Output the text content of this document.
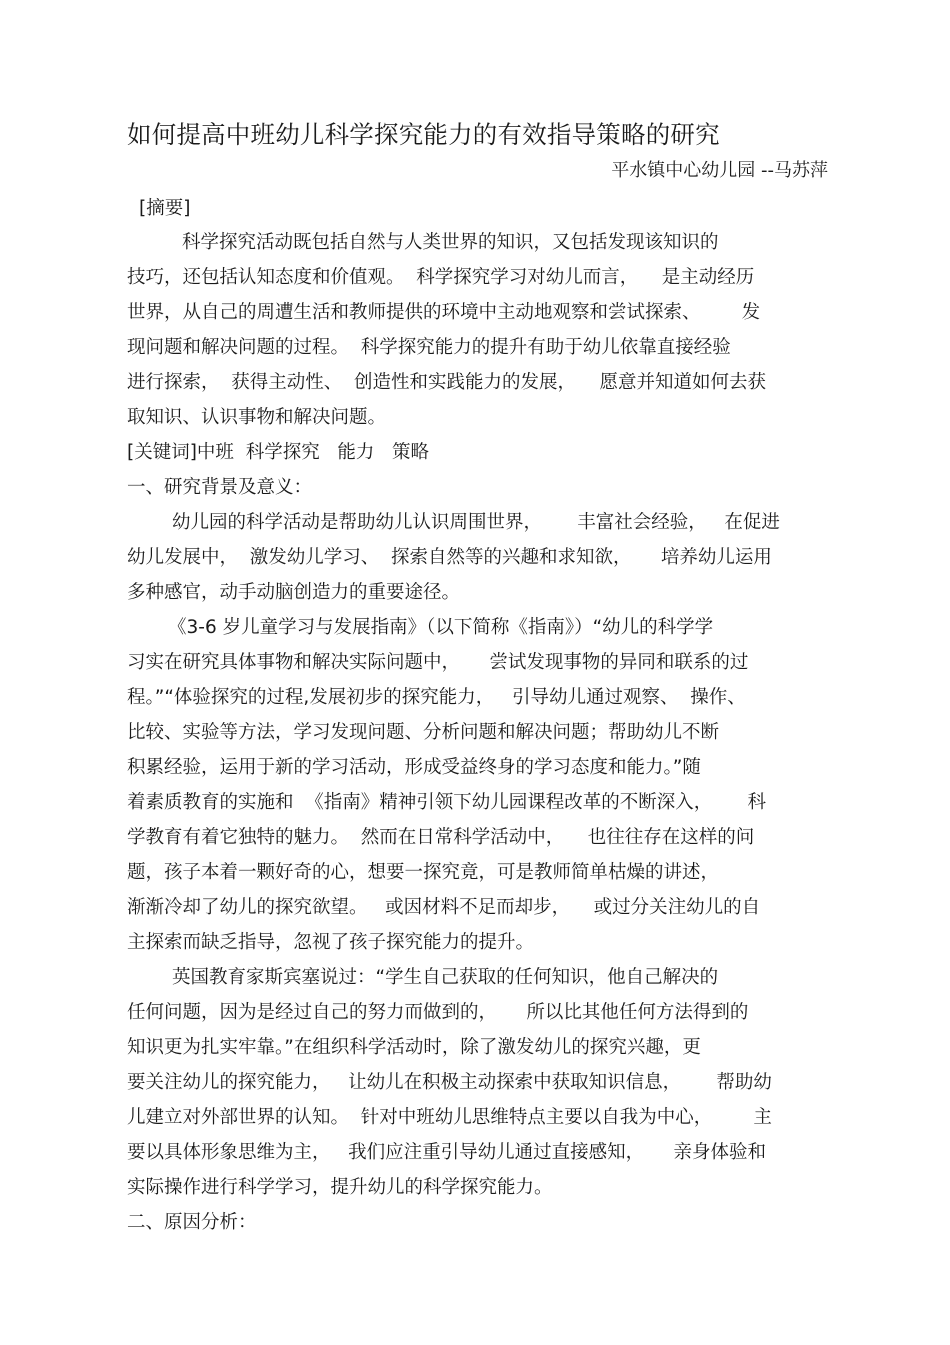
如何提高中班幼儿科学探究能力的有效指导策略的研究
平水镇中心幼儿园 --马苏萍
[摘要]
科学探究活动既包括自然与人类世界的知识，又包括发现该知识的
技巧，还包括认知态度和价值观。  科学探究学习对幼儿而言，    是主动经历
世界，从自己的周遭生活和教师提供的环境中主动地观察和尝试探索、       发
现问题和解决问题的过程。  科学探究能力的提升有助于幼儿依靠直接经验
进行探索，  获得主动性、  创造性和实践能力的发展，    愿意并知道如何去获
取知识、认识事物和解决问题。
[关键词]中班  科学探究   能力   策略
一、研究背景及意义：
幼儿园的科学活动是帮助幼儿认识周围世界，      丰富社会经验，   在促进
幼儿发展中，  激发幼儿学习、  探索自然等的兴趣和求知欲，     培养幼儿运用
多种感官，动手动脑创造力的重要途径。
《3-6 岁儿童学习与发展指南》（以下简称《指南》）“幼儿的科学学
习实在研究具体事物和解决实际问题中，     尝试发现事物的异同和联系的过
程。”“体验探究的过程,发展初步的探究能力，   引导幼儿通过观察、  操作、
比较、实验等方法，学习发现问题、分析问题和解决问题；帮助幼儿不断
积累经验，运用于新的学习活动，形成受益终身的学习态度和能力。”随
着素质教育的实施和  《指南》精神引领下幼儿园课程改革的不断深入，      科
学教育有着它独特的魅力。  然而在日常科学活动中，    也往往存在这样的问
题，孩子本着一颗好奇的心，想要一探究竟，可是教师简单枯燥的讲述，
渐渐冷却了幼儿的探究欲望。   或因材料不足而却步，    或过分关注幼儿的自
主探索而缺乏指导，忽视了孩子探究能力的提升。
英国教育家斯宾塞说过：“学生自己获取的任何知识，他自己解决的
任何问题，因为是经过自己的努力而做到的，     所以比其他任何方法得到的
知识更为扎实牢靠。”在组织科学活动时，除了激发幼儿的探究兴趣，更
要关注幼儿的探究能力，   让幼儿在积极主动探索中获取知识信息，      帮助幼
儿建立对外部世界的认知。  针对中班幼儿思维特点主要以自我为中心，       主
要以具体形象思维为主，   我们应注重引导幼儿通过直接感知，     亲身体验和
实际操作进行科学学习，提升幼儿的科学探究能力。
二、原因分析：
